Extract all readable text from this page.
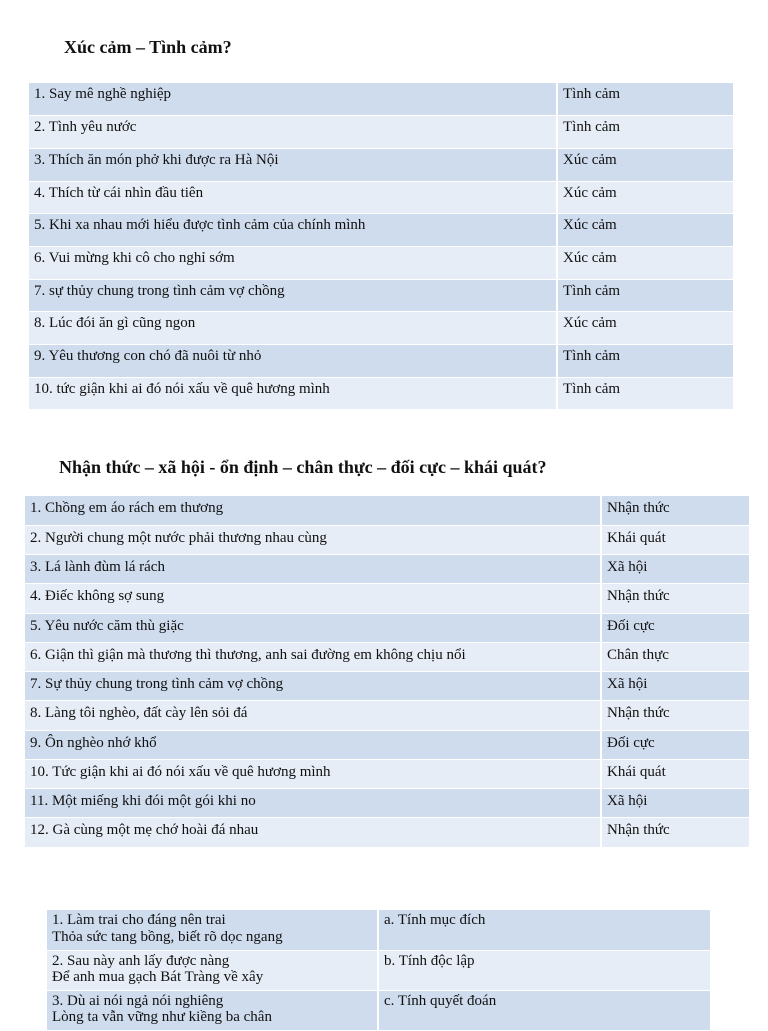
Xúc cảm – Tình cảm?
1. Say mê nghề nghiệp	Tình cảm
2. Tình yêu nước	Tình cảm
3. Thích ăn món phở khi được ra Hà Nội	Xúc cảm
4. Thích từ cái nhìn đầu tiên	Xúc cảm
5. Khi xa nhau mới hiểu được tình cảm của chính mình	Xúc cảm
6. Vui mừng khi cô cho nghỉ sớm	Xúc cảm
7. sự thủy chung trong tình cảm vợ chồng	Tình cảm
8. Lúc đói ăn gì cũng ngon	Xúc cảm
9. Yêu thương con chó đã nuôi từ nhỏ	Tình cảm
10. tức giận khi ai đó nói xấu về quê hương mình	Tình cảm
Nhận thức – xã hội - ổn định – chân thực – đối cực – khái quát?
1. Chồng em áo rách em thương	Nhận thức
2. Người chung một nước phải thương nhau cùng	Khái quát
3. Lá lành đùm lá rách	Xã hội
4. Điếc không sợ sung	Nhận thức
5. Yêu nước căm thù giặc	Đối cực
6. Giận thì giận mà thương thì thương, anh sai đường em không chịu nổi	Chân thực
7. Sự thủy chung trong tình cảm vợ chồng	Xã hội
8. Làng tôi nghèo, đất cày lên sỏi đá	Nhận thức
9. Ôn nghèo nhớ khổ	Đối cực
10. Tức giận khi ai đó nói xấu về quê hương mình	Khái quát
11. Một miếng khi đói một gói khi no	Xã hội
12. Gà cùng một mẹ chớ hoài đá nhau	Nhận thức
1. Làm trai cho đáng nên trai
Thỏa sức tang bồng, biết rõ dọc ngang	a. Tính mục đích

2. Sau này anh lấy được nàng
Để anh mua gạch Bát Tràng về xây	b. Tính độc lập

3. Dù ai nói ngả nói nghiêng
Lòng ta vẫn vững như kiềng ba chân	c. Tính quyết đoán
